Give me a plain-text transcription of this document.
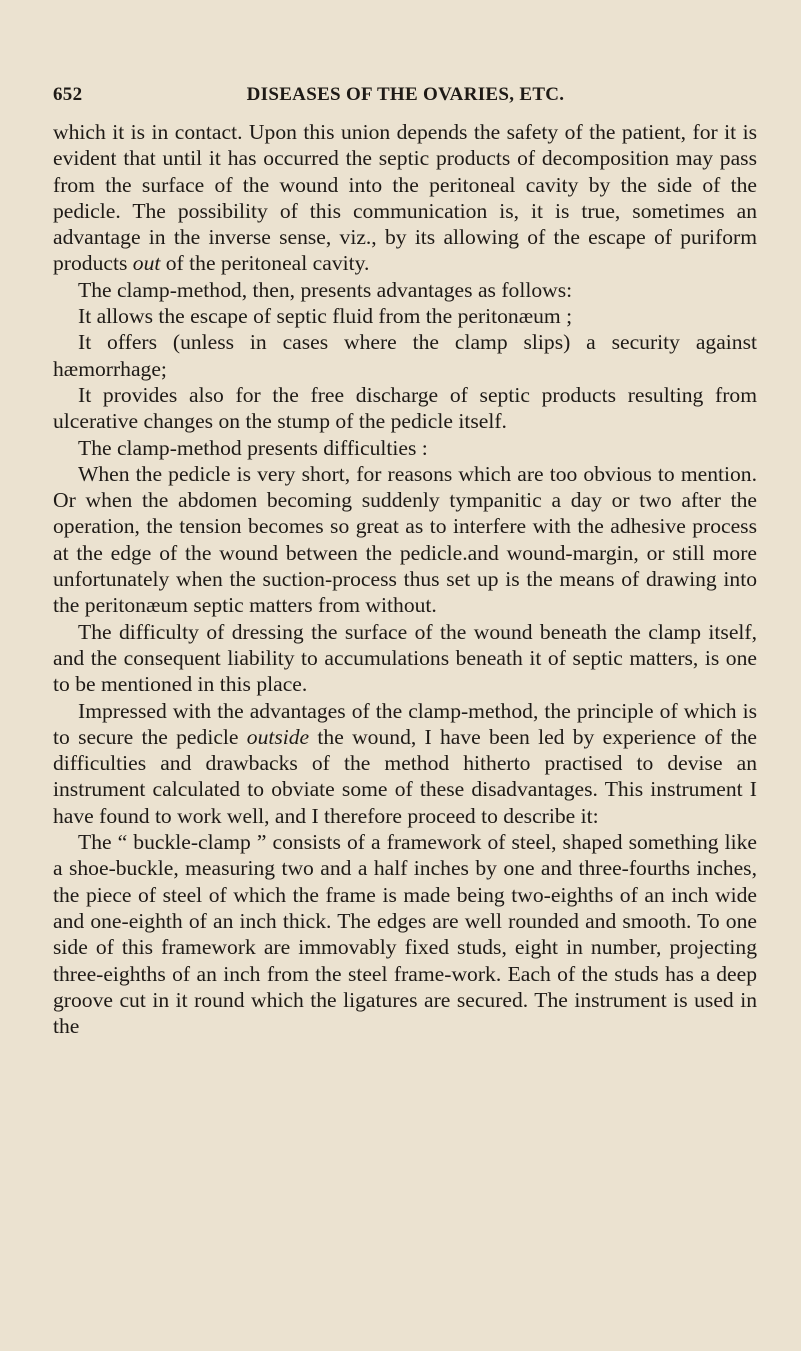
652	DISEASES OF THE OVARIES, ETC.

which it is in contact. Upon this union depends the safety of the patient, for it is evident that until it has occurred the septic products of decomposition may pass from the surface of the wound into the peritoneal cavity by the side of the pedicle. The possibility of this communication is, it is true, sometimes an advantage in the inverse sense, viz., by its allowing of the escape of puriform products out of the peritoneal cavity.

The clamp-method, then, presents advantages as follows:

It allows the escape of septic fluid from the peritonæum ;

It offers (unless in cases where the clamp slips) a security against hæmorrhage;

It provides also for the free discharge of septic products resulting from ulcerative changes on the stump of the pedicle itself.

The clamp-method presents difficulties :

When the pedicle is very short, for reasons which are too obvious to mention. Or when the abdomen becoming suddenly tympanitic a day or two after the operation, the tension becomes so great as to interfere with the adhesive process at the edge of the wound between the pedicle.and wound-margin, or still more unfortunately when the suction-process thus set up is the means of drawing into the peritonæum septic matters from without.

The difficulty of dressing the surface of the wound beneath the clamp itself, and the consequent liability to accumulations beneath it of septic matters, is one to be mentioned in this place.

Impressed with the advantages of the clamp-method, the principle of which is to secure the pedicle outside the wound, I have been led by experience of the difficulties and drawbacks of the method hitherto practised to devise an instrument calculated to obviate some of these disadvantages. This instrument I have found to work well, and I therefore proceed to describe it:

The “ buckle-clamp ” consists of a framework of steel, shaped something like a shoe-buckle, measuring two and a half inches by one and three-fourths inches, the piece of steel of which the frame is made being two-eighths of an inch wide and one-eighth of an inch thick. The edges are well rounded and smooth. To one side of this framework are immovably fixed studs, eight in number, projecting three-eighths of an inch from the steel frame-work. Each of the studs has a deep groove cut in it round which the ligatures are secured. The instrument is used in the
